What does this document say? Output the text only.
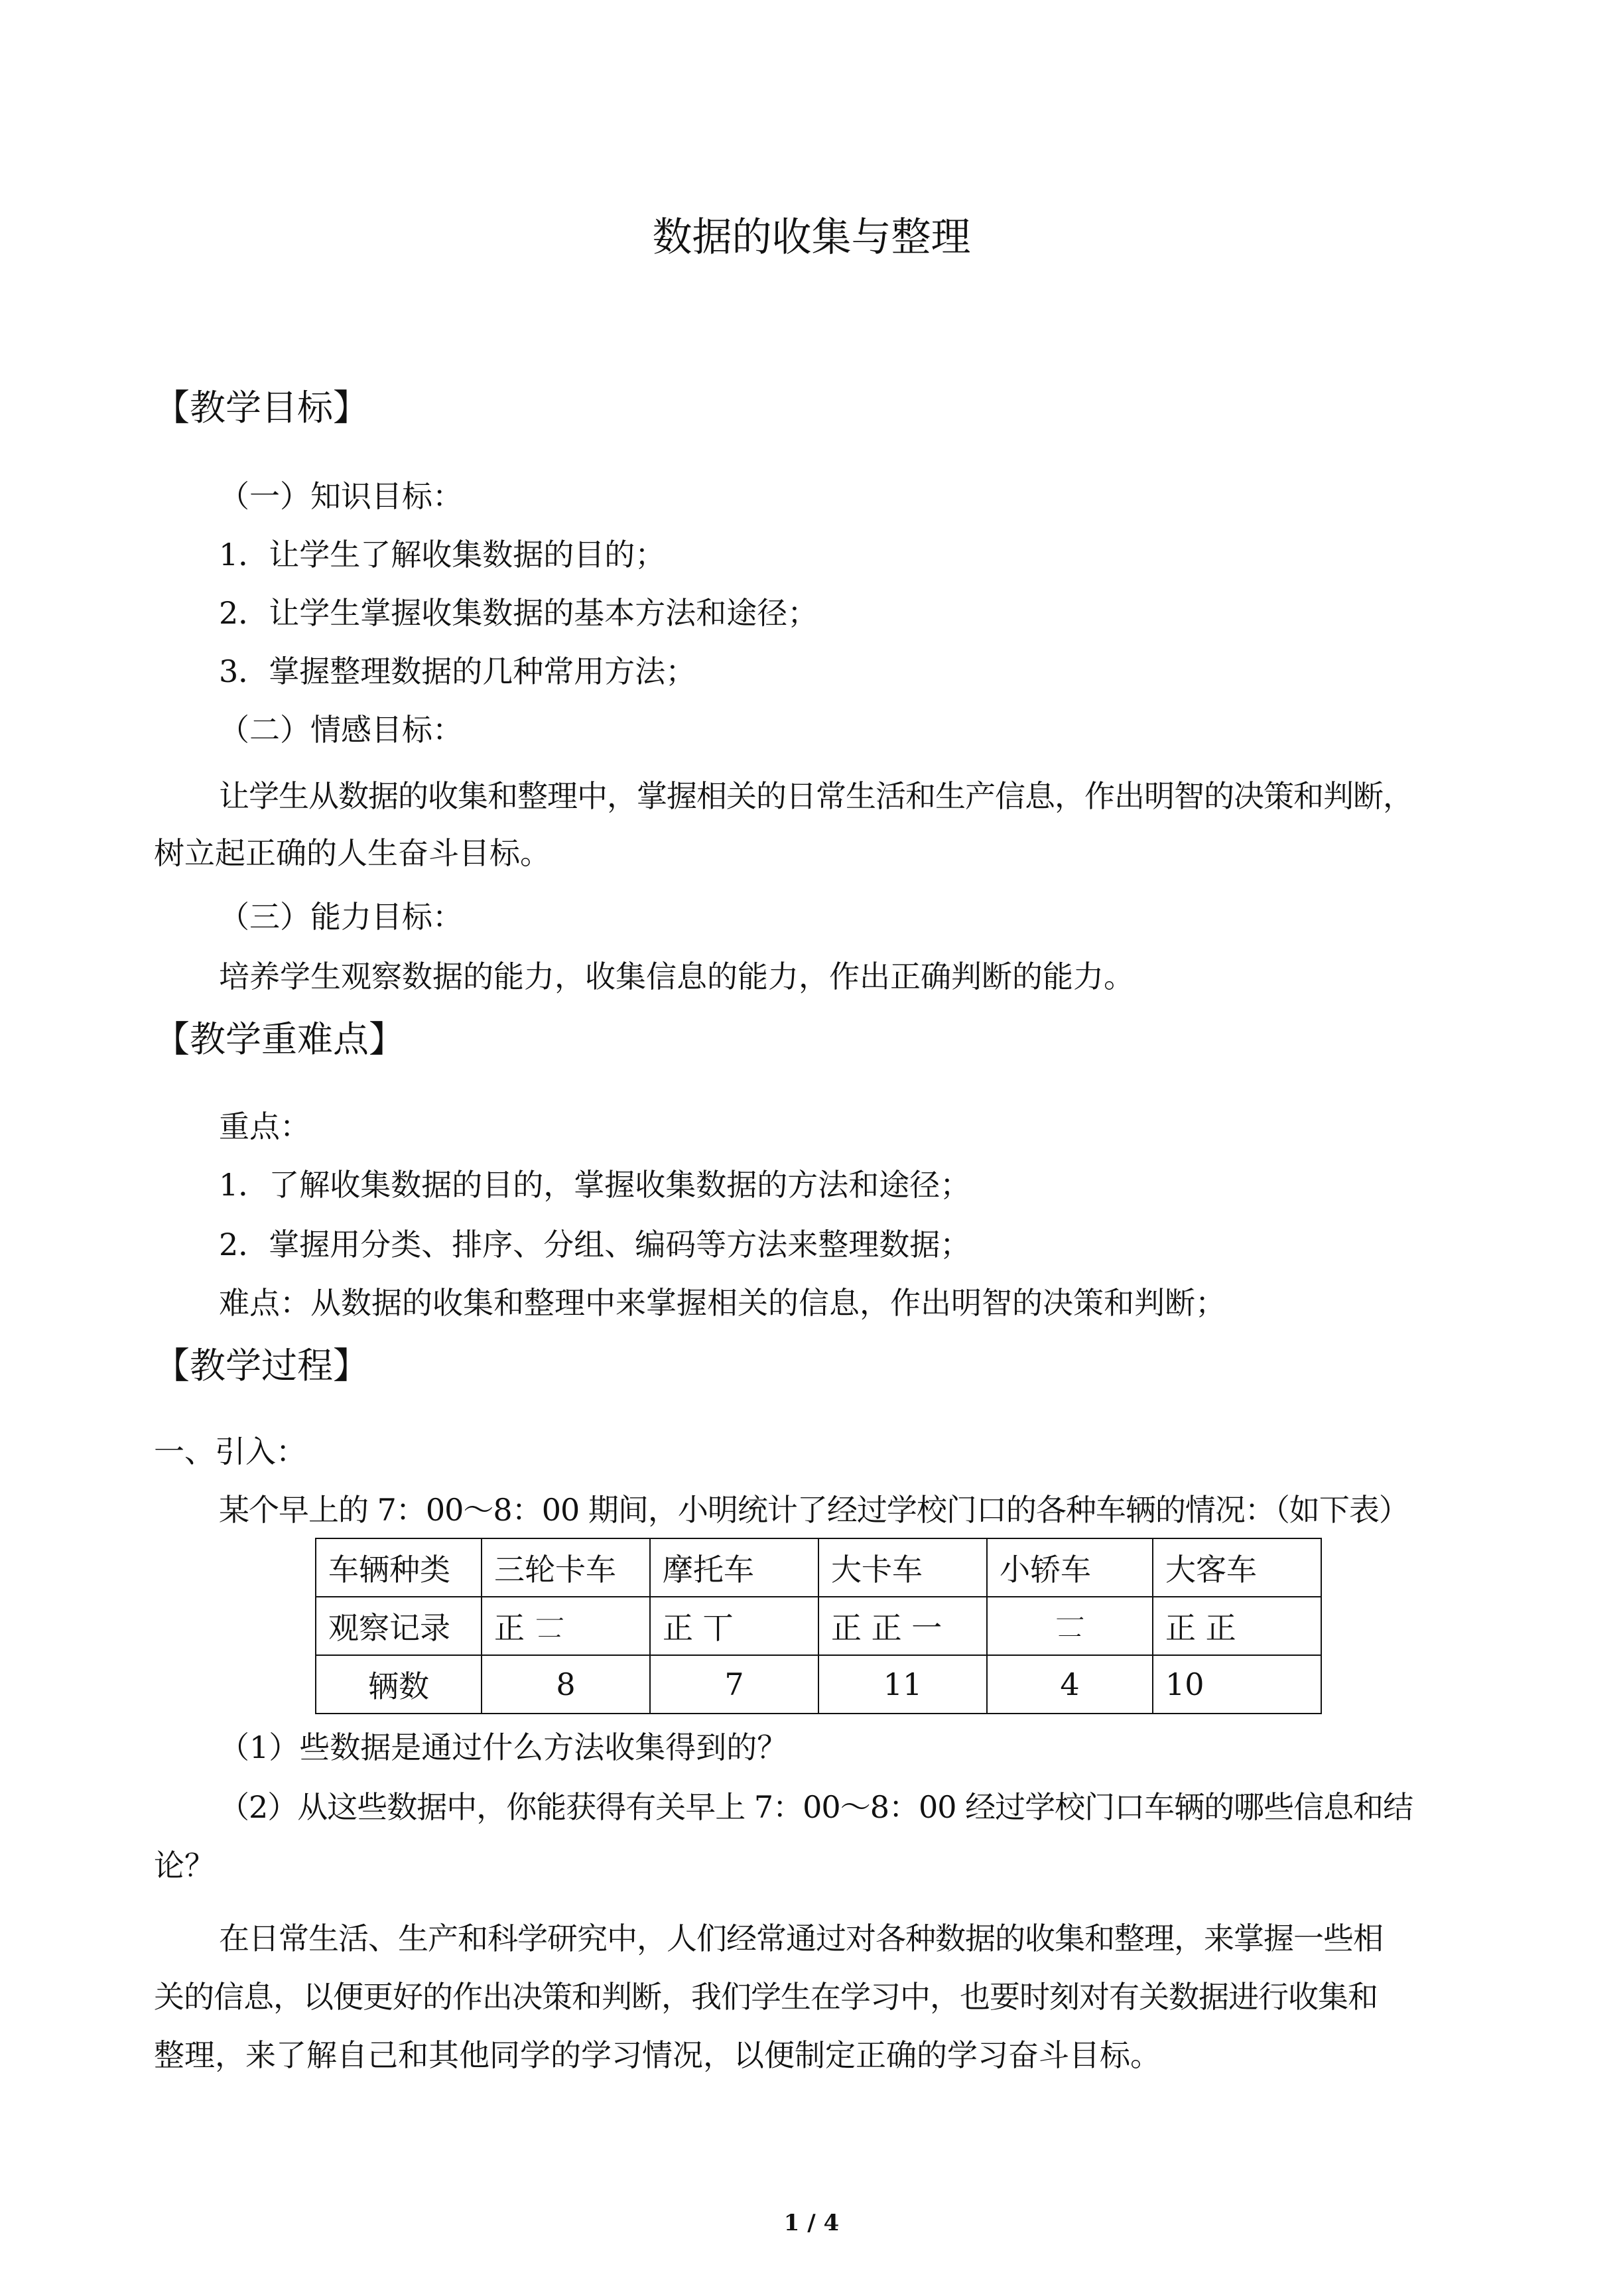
数据的收集与整理
【教学目标】
（一）知识目标：
1．让学生了解收集数据的目的；
2．让学生掌握收集数据的基本方法和途径；
3．掌握整理数据的几种常用方法；
（二）情感目标：
让学生从数据的收集和整理中，掌握相关的日常生活和生产信息，作出明智的决策和判断，
树立起正确的人生奋斗目标。
（三）能力目标：
培养学生观察数据的能力，收集信息的能力，作出正确判断的能力。
【教学重难点】
重点：
1．了解收集数据的目的，掌握收集数据的方法和途径；
2．掌握用分类、排序、分组、编码等方法来整理数据；
难点：从数据的收集和整理中来掌握相关的信息，作出明智的决策和判断；
【教学过程】
一、引入：
某个早上的 7：00～8：00 期间，小明统计了经过学校门口的各种车辆的情况：（如下表）
车辆种类	三轮卡车	摩托车	大卡车	小轿车	大客车
观察记录	正 𠄟	正 丅	正 正 一	𠄟	正 正
辆数	8	7	11	4	10
（1）些数据是通过什么方法收集得到的？
（2）从这些数据中，你能获得有关早上 7：00～8：00 经过学校门口车辆的哪些信息和结
论？
在日常生活、生产和科学研究中，人们经常通过对各种数据的收集和整理，来掌握一些相
关的信息，以便更好的作出决策和判断，我们学生在学习中，也要时刻对有关数据进行收集和
整理，来了解自己和其他同学的学习情况，以便制定正确的学习奋斗目标。
1 / 4
